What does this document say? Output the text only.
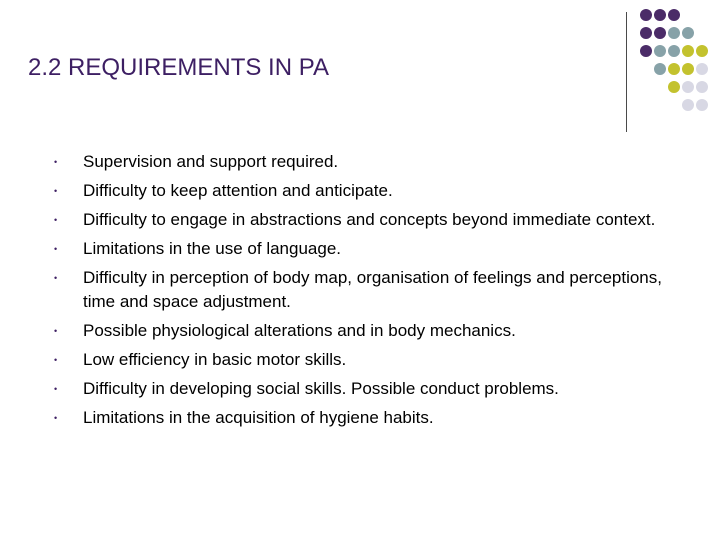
2.2 REQUIREMENTS IN PA
• Supervision and support required.
• Difficulty to keep attention and anticipate.
• Difficulty to engage in abstractions and concepts beyond immediate context.
• Limitations in the use of language.
• Difficulty in perception of body map, organisation of feelings and perceptions, time and space adjustment.
• Possible physiological alterations and in body mechanics.
• Low efficiency in basic motor skills.
• Difficulty in developing social skills. Possible conduct problems.
• Limitations in the acquisition of hygiene habits.
